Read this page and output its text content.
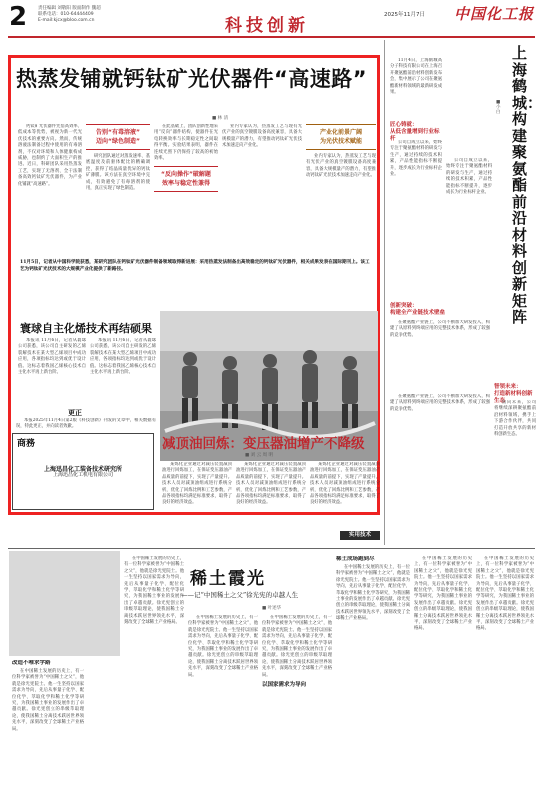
2 责任编辑 刘敬阳 版面制作 魏超
联系电话：010-64444409
E-mail:kjcx@bloo.com.cn	科技创新
2025年11月7日 中国化工报
热蒸发铺就钙钛矿光伏器件“高速路”
■ 林 清

钙钛矿光伏器件凭借高效率、低成本等优势，被视为新一代光伏技术的重要方向。然而，传统溶液法制备过程中使用的有毒溶剂，不仅对环境和人体健康构成威胁，也制约了大面积生产的推进。近日，科研团队采用热蒸发工艺，实现了无溶剂、全干法制备高效钙钛矿光伏器件，为产业化铺就“高速路”。

告别“有毒溶液”
迈向“绿色制造”

研究团队通过对蒸发速率、基底温度及前驱体配比的精确调控，获得了结晶质量优异的钙钛矿薄膜。该方法在真空环境中完成，有效避免了有毒溶剂的使用，真正实现了绿色制造。

在此基础上，团队创新性地采用“反向”器件结构，使器件在光电转换效率与长期稳定性之间取得平衡。实验结果表明，器件在连续光照下仍保持了较高的初始效率。

“反向操作”破解题
效率与稳定性兼得

业内专家认为，热蒸发工艺与现有光伏产业的真空镀膜设备高度兼容，具备大规模量产的潜力，有望推动钙钛矿光伏技术加速走向产业化。

产业化前景广阔
为光伏技术赋能

业内专家认为，热蒸发工艺与现有光伏产业的真空镀膜设备高度兼容，具备大规模量产的潜力，有望推动钙钛矿光伏技术加速走向产业化。

11月5日，记者从中国科学院获悉，某研究团队在钙钛矿光伏器件制备领域取得新进展：采用热蒸发法制备出高效稳定的钙钛矿光伏器件，相关成果发表在国际期刊上。该工艺为钙钛矿光伏技术的大规模产业化提供了新路径。
寰球自主化烯技术再结硕果

本报讯 11月6日，记者从寰球公司获悉，该公司自主研发的乙烯裂解技术在某大型乙烯项目中成功应用，各项指标均达到或优于设计值。这标志着我国乙烯核心技术自主化水平再上新台阶。

本报讯 11月6日，记者从寰球公司获悉，该公司自主研发的乙烯裂解技术在某大型乙烯项目中成功应用，各项指标均达到或优于设计值。这标志着我国乙烯核心技术自主化水平再上新台阶。

更正

本报2025年11月4日第2版《科技创新》刊发的文章中，相关数据有误，特此更正，并向读者致歉。

商務
上海迅昌化工装备技术研究所
上海迅昌化工机电有限公司
减顶油回炼：变压器油增产不降级
■ 刘 云 周 明

某炼化企业通过对减压装置减顶油进行回炼加工，在保证变压器油产品质量的前提下，实现了产量提升。技术人员对减顶油组成进行系统分析，优化了回炼比例和工艺参数，产品各项指标均满足标准要求，取得了良好的经济效益。

某炼化企业通过对减压装置减顶油进行回炼加工，在保证变压器油产品质量的前提下，实现了产量提升。技术人员对减顶油组成进行系统分析，优化了回炼比例和工艺参数，产品各项指标均满足标准要求，取得了良好的经济效益。

某炼化企业通过对减压装置减顶油进行回炼加工，在保证变压器油产品质量的前提下，实现了产量提升。技术人员对减顶油组成进行系统分析，优化了回炼比例和工艺参数，产品各项指标均满足标准要求，取得了良好的经济效益。

实用技术
上海鹤城：构建聚氨酯前沿材料创新矩阵
■ 小 白

11月4日，上海鹤城高分子科技有限公司在上海召开聚氨酯前沿材料创新发布会，集中展示了公司在聚氨酯新材料领域的最新研发成果。

匠心铸就：
从低含量增到行业标杆

公司自成立以来，始终专注于聚氨酯材料的研发与生产，通过持续的技术积累，产品性能指标不断提升，逐步成长为行业标杆企业。

公司自成立以来，始终专注于聚氨酯材料的研发与生产，通过持续的技术积累，产品性能指标不断提升，逐步成长为行业标杆企业。

创新突破：
构建全产业链技术壁垒

在聚氨酯产业链上，公司不断加大研发投入，构建了从原料到终端应用的完整技术体系，形成了较强的竞争优势。

智领未来：
打造新材料创新生态

面向未来，公司将继续深耕聚氨酯前沿材料领域，携手上下游合作伙伴，共同打造开放共享的新材料创新生态。

在聚氨酯产业链上，公司不断加大研发投入，构建了从原料到终端应用的完整技术体系，形成了较强的竞争优势。

稀土霞光
——记“中国稀土之父”徐光宪的卓越人生
■ 叶述华
改造不唯求学路

在中国稀土发展的历史上，有一位科学家被誉为“中国稀土之父”，他就是徐光宪院士。他一生坚持以国家需求为导向，先后从事量子化学、配位化学、萃取化学和稀土化学等研究，为我国稀土事业的发展作出了卓越贡献。徐光宪创立的串级萃取理论，使我国稀土分离技术跃居世界领先水平，深刻改变了全球稀土产业格局。

在中国稀土发展的历史上，有一位科学家被誉为“中国稀土之父”，他就是徐光宪院士。他一生坚持以国家需求为导向，先后从事量子化学、配位化学、萃取化学和稀土化学等研究，为我国稀土事业的发展作出了卓越贡献。徐光宪创立的串级萃取理论，使我国稀土分离技术跃居世界领先水平，深刻改变了全球稀土产业格局。

在中国稀土发展的历史上，有一位科学家被誉为“中国稀土之父”，他就是徐光宪院士。他一生坚持以国家需求为导向，先后从事量子化学、配位化学、萃取化学和稀土化学等研究，为我国稀土事业的发展作出了卓越贡献。徐光宪创立的串级萃取理论，使我国稀土分离技术跃居世界领先水平，深刻改变了全球稀土产业格局。

在中国稀土发展的历史上，有一位科学家被誉为“中国稀土之父”，他就是徐光宪院士。他一生坚持以国家需求为导向，先后从事量子化学、配位化学、萃取化学和稀土化学等研究，为我国稀土事业的发展作出了卓越贡献。徐光宪创立的串级萃取理论，使我国稀土分离技术跃居世界领先水平，深刻改变了全球稀土产业格局。

以国家需求为导向
稀土成场跑到尽

在中国稀土发展的历史上，有一位科学家被誉为“中国稀土之父”，他就是徐光宪院士。他一生坚持以国家需求为导向，先后从事量子化学、配位化学、萃取化学和稀土化学等研究，为我国稀土事业的发展作出了卓越贡献。徐光宪创立的串级萃取理论，使我国稀土分离技术跃居世界领先水平，深刻改变了全球稀土产业格局。

在中国稀土发展的历史上，有一位科学家被誉为“中国稀土之父”，他就是徐光宪院士。他一生坚持以国家需求为导向，先后从事量子化学、配位化学、萃取化学和稀土化学等研究，为我国稀土事业的发展作出了卓越贡献。徐光宪创立的串级萃取理论，使我国稀土分离技术跃居世界领先水平，深刻改变了全球稀土产业格局。

在中国稀土发展的历史上，有一位科学家被誉为“中国稀土之父”，他就是徐光宪院士。他一生坚持以国家需求为导向，先后从事量子化学、配位化学、萃取化学和稀土化学等研究，为我国稀土事业的发展作出了卓越贡献。徐光宪创立的串级萃取理论，使我国稀土分离技术跃居世界领先水平，深刻改变了全球稀土产业格局。
